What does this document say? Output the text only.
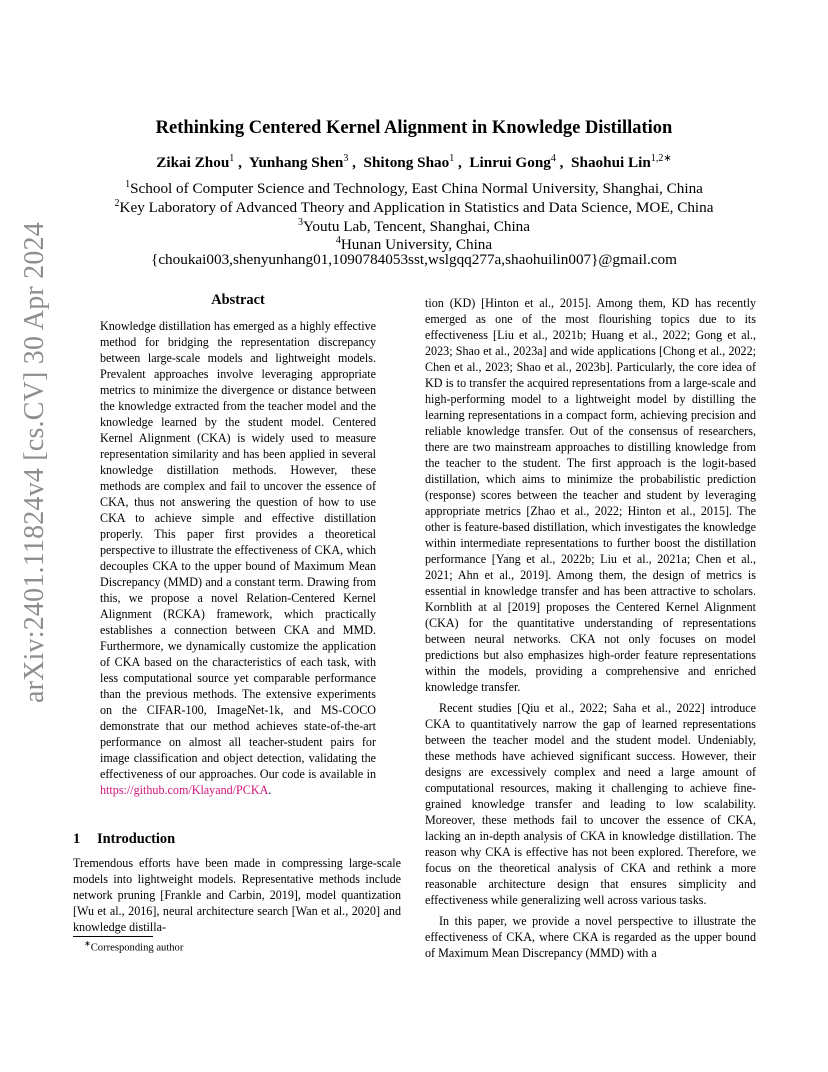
arXiv:2401.11824v4 [cs.CV] 30 Apr 2024
Rethinking Centered Kernel Alignment in Knowledge Distillation
Zikai Zhou$^1$ ,  Yunhang Shen$^3$ ,  Shitong Shao$^1$ ,  Linrui Gong$^4$ ,  Shaohui Lin$^{1,2∗}$
$^1$School of Computer Science and Technology, East China Normal University, Shanghai, China
$^2$Key Laboratory of Advanced Theory and Application in Statistics and Data Science, MOE, China
$^3$Youtu Lab, Tencent, Shanghai, China
$^4$Hunan University, China
{choukai003,shenyunhang01,1090784053sst,wslgqq277a,shaohuilin007}@gmail.com
Abstract
Knowledge distillation has emerged as a highly effective method for bridging the representation discrepancy between large-scale models and lightweight models. Prevalent approaches involve leveraging appropriate metrics to minimize the divergence or distance between the knowledge extracted from the teacher model and the knowledge learned by the student model. Centered Kernel Alignment (CKA) is widely used to measure representation similarity and has been applied in several knowledge distillation methods. However, these methods are complex and fail to uncover the essence of CKA, thus not answering the question of how to use CKA to achieve simple and effective distillation properly. This paper first provides a theoretical perspective to illustrate the effectiveness of CKA, which decouples CKA to the upper bound of Maximum Mean Discrepancy (MMD) and a constant term. Drawing from this, we propose a novel Relation-Centered Kernel Alignment (RCKA) framework, which practically establishes a connection between CKA and MMD. Furthermore, we dynamically customize the application of CKA based on the characteristics of each task, with less computational source yet comparable performance than the previous methods. The extensive experiments on the CIFAR-100, ImageNet-1k, and MS-COCO demonstrate that our method achieves state-of-the-art performance on almost all teacher-student pairs for image classification and object detection, validating the effectiveness of our approaches. Our code is available in https://github.com/Klayand/PCKA.
1 Introduction
Tremendous efforts have been made in compressing large-scale models into lightweight models. Representative methods include network pruning [Frankle and Carbin, 2019], model quantization [Wu et al., 2016], neural architecture search [Wan et al., 2020] and knowledge distilla-
∗Corresponding author

tion (KD) [Hinton et al., 2015]. Among them, KD has recently emerged as one of the most flourishing topics due to its effectiveness [Liu et al., 2021b; Huang et al., 2022; Gong et al., 2023; Shao et al., 2023a] and wide applications [Chong et al., 2022; Chen et al., 2023; Shao et al., 2023b]. Particularly, the core idea of KD is to transfer the acquired representations from a large-scale and high-performing model to a lightweight model by distilling the learning representations in a compact form, achieving precision and reliable knowledge transfer. Out of the consensus of researchers, there are two mainstream approaches to distilling knowledge from the teacher to the student. The first approach is the logit-based distillation, which aims to minimize the probabilistic prediction (response) scores between the teacher and student by leveraging appropriate metrics [Zhao et al., 2022; Hinton et al., 2015]. The other is feature-based distillation, which investigates the knowledge within intermediate representations to further boost the distillation performance [Yang et al., 2022b; Liu et al., 2021a; Chen et al., 2021; Ahn et al., 2019]. Among them, the design of metrics is essential in knowledge transfer and has been attractive to scholars. Kornblith at al [2019] proposes the Centered Kernel Alignment (CKA) for the quantitative understanding of representations between neural networks. CKA not only focuses on model predictions but also emphasizes high-order feature representations within the models, providing a comprehensive and enriched knowledge transfer.

Recent studies [Qiu et al., 2022; Saha et al., 2022] introduce CKA to quantitatively narrow the gap of learned representations between the teacher model and the student model. Undeniably, these methods have achieved significant success. However, their designs are excessively complex and need a large amount of computational resources, making it challenging to achieve fine-grained knowledge transfer and leading to low scalability. Moreover, these methods fail to uncover the essence of CKA, lacking an in-depth analysis of CKA in knowledge distillation. The reason why CKA is effective has not been explored. Therefore, we focus on the theoretical analysis of CKA and rethink a more reasonable architecture design that ensures simplicity and effectiveness while generalizing well across various tasks.

In this paper, we provide a novel perspective to illustrate the effectiveness of CKA, where CKA is regarded as the upper bound of Maximum Mean Discrepancy (MMD) with a
